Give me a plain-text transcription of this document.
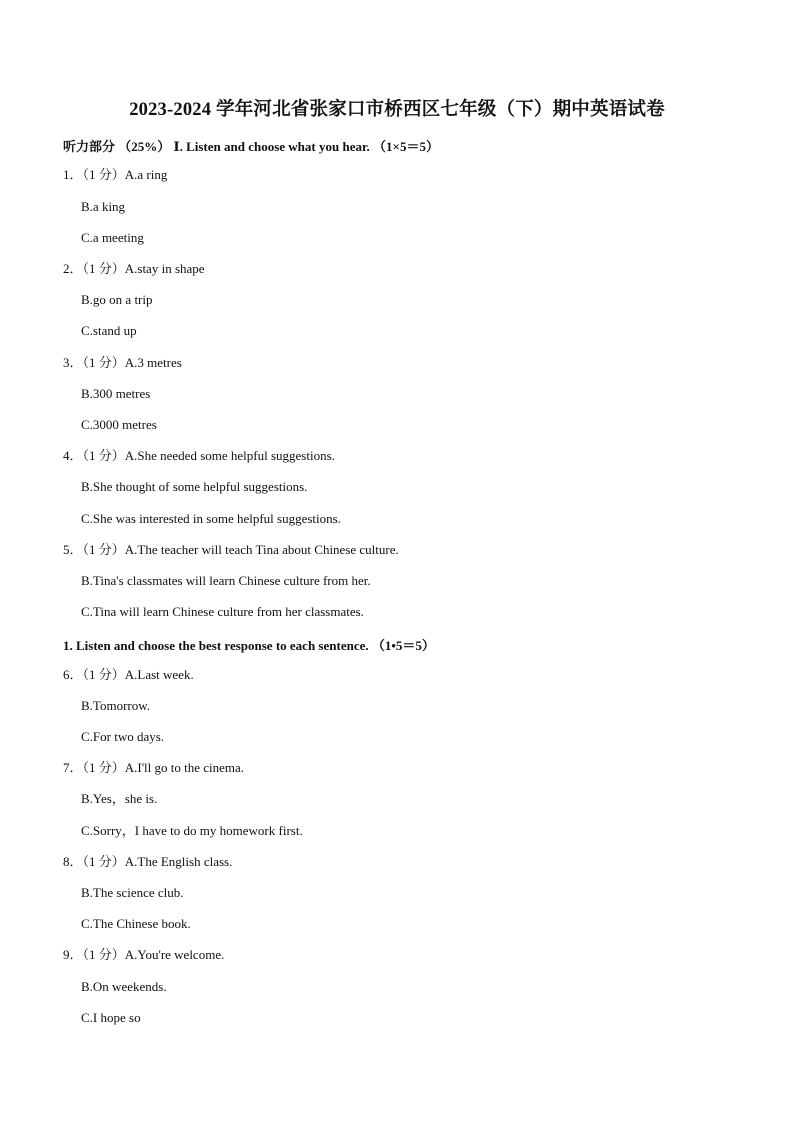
2023-2024 学年河北省张家口市桥西区七年级（下）期中英语试卷
听力部分 （25%） Ⅰ. Listen and choose what you hear. （1×5＝5）
1．（1 分）A.a ring
B.a king
C.a meeting
2．（1 分）A.stay in shape
B.go on a trip
C.stand up
3．（1 分）A.3 metres
B.300 metres
C.3000 metres
4．（1 分）A.She needed some helpful suggestions.
B.She thought of some helpful suggestions.
C.She was interested in some helpful suggestions.
5．（1 分）A.The teacher will teach Tina about Chinese culture.
B.Tina's classmates will learn Chinese culture from her.
C.Tina will learn Chinese culture from her classmates.
1. Listen and choose the best response to each sentence. （1•5＝5）
6．（1 分）A.Last week.
B.Tomorrow.
C.For two days.
7．（1 分）A.I'll go to the cinema.
B.Yes，she is.
C.Sorry，I have to do my homework first.
8．（1 分）A.The English class.
B.The science club.
C.The Chinese book.
9．（1 分）A.You're welcome.
B.On weekends.
C.I hope so
